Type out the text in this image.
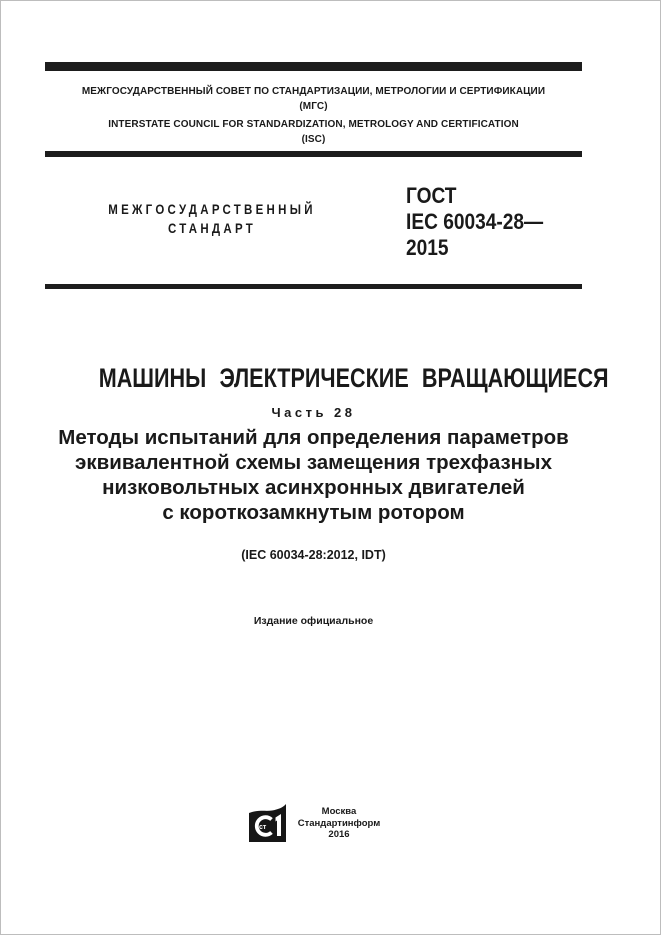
МЕЖГОСУДАРСТВЕННЫЙ СОВЕТ ПО СТАНДАРТИЗАЦИИ, МЕТРОЛОГИИ И СЕРТИФИКАЦИИ
(МГС)
INTERSTATE COUNCIL FOR STANDARDIZATION, METROLOGY AND CERTIFICATION
(ISC)
МЕЖГОСУДАРСТВЕННЫЙ
СТАНДАРТ
ГОСТ
IEC 60034-28—
2015
МАШИНЫ ЭЛЕКТРИЧЕСКИЕ ВРАЩАЮЩИЕСЯ
Часть 28
Методы испытаний для определения параметров
эквивалентной схемы замещения трехфазных
низковольтных асинхронных двигателей
с короткозамкнутым ротором
(IEC 60034-28:2012, IDT)
Издание официальное
ст
Москва
Стандартинформ
2016
